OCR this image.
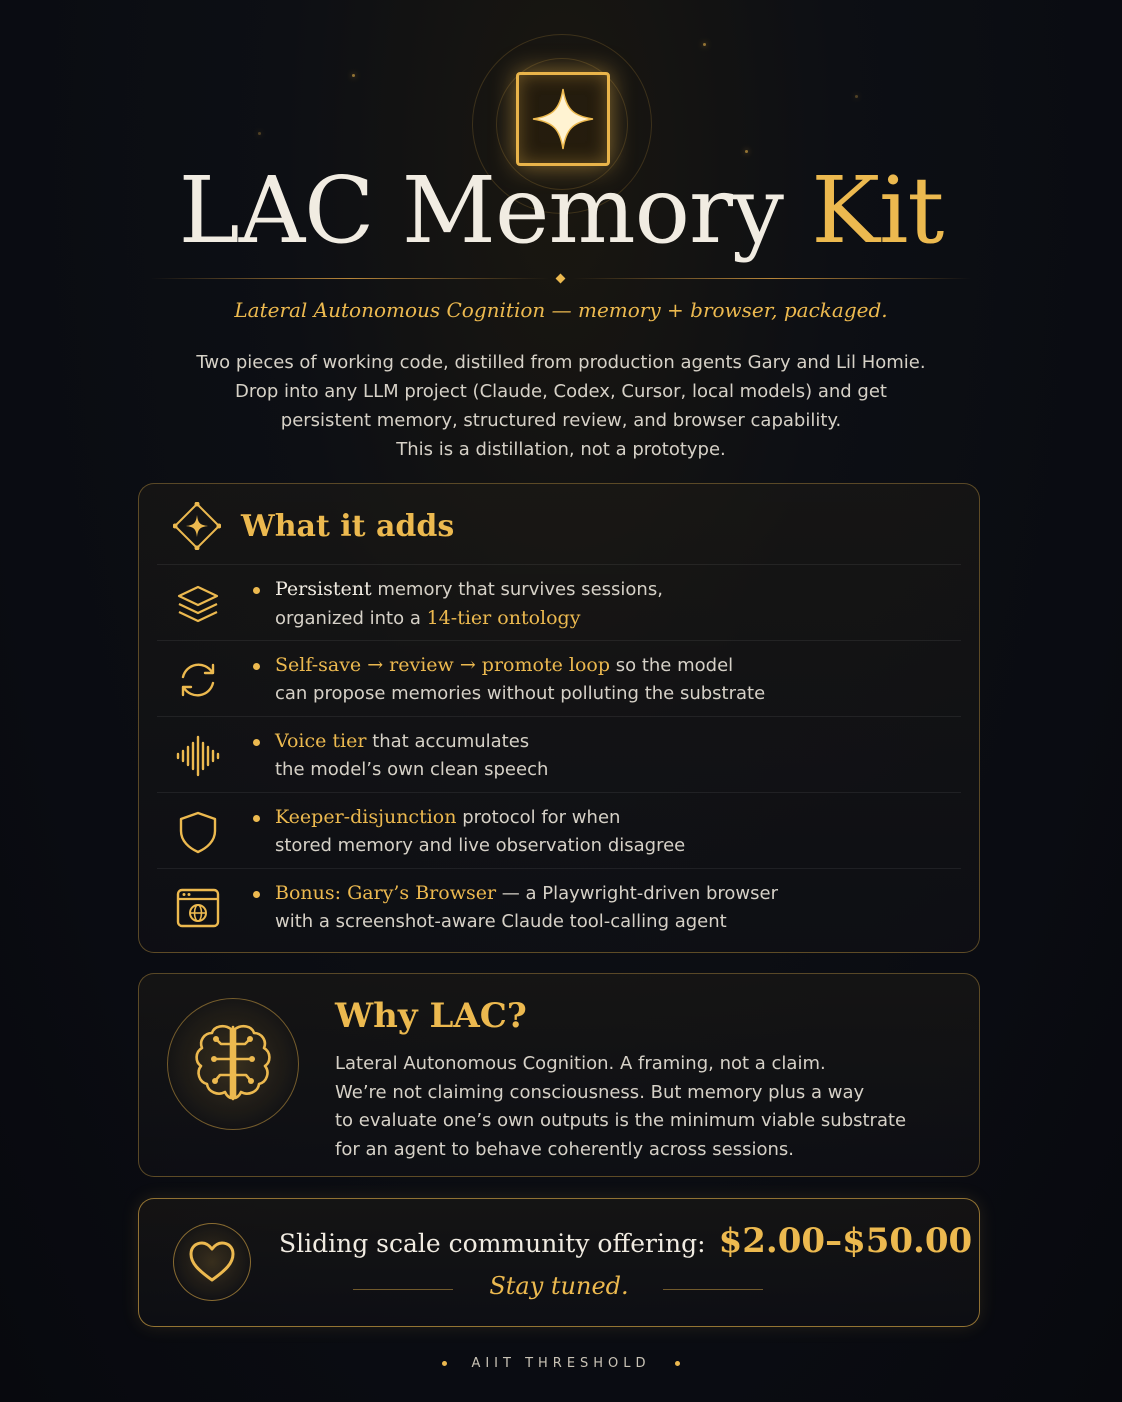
LAC Memory Kit
Lateral Autonomous Cognition — memory + browser, packaged.
Two pieces of working code, distilled from production agents Gary and Lil Homie.
Drop into any LLM project (Claude, Codex, Cursor, local models) and get
persistent memory, structured review, and browser capability.
This is a distillation, not a prototype.
What it adds
Persistent memory that survives sessions,
organized into a 14-tier ontology
Self-save → review → promote loop so the model
can propose memories without polluting the substrate
Voice tier that accumulates
the model’s own clean speech
Keeper-disjunction protocol for when
stored memory and live observation disagree
Bonus: Gary’s Browser — a Playwright-driven browser
with a screenshot-aware Claude tool-calling agent
Why LAC?
Lateral Autonomous Cognition. A framing, not a claim.
We’re not claiming consciousness. But memory plus a way
to evaluate one’s own outputs is the minimum viable substrate
for an agent to behave coherently across sessions.
Sliding scale community offering: $2.00–$50.00
Stay tuned.
AIIT THRESHOLD
